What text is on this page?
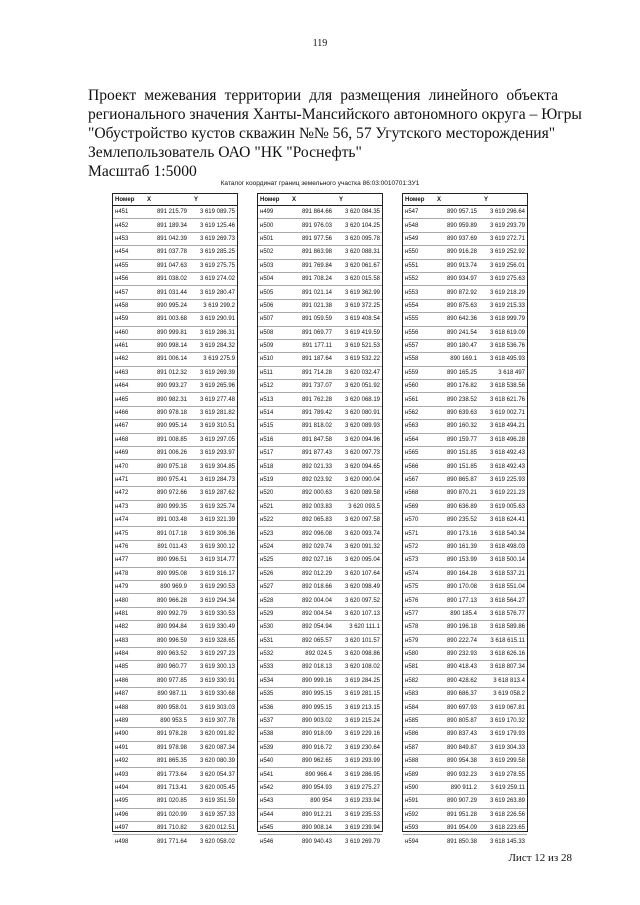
119
Проект межевания территории для размещения линейного объекта
регионального значения Ханты-Мансийского автономного округа – Югры
"Обустройство кустов скважин №№ 56, 57 Угутского месторождения"
Землепользователь ОАО "НК "Роснефть"
Масштаб 1:5000
Каталог координат границ земельного участка 86:03:0010701:ЗУ1
Номер	X	Y
н451	891 215.79	3 619 089.75
н452	891 189.34	3 619 125.46
н453	891 042.39	3 619 269.73
н454	891 037.78	3 619 285.25
н455	891 047.63	3 619 275.75
н456	891 038.02	3 619 274.02
н457	891 031.44	3 619 280.47
н458	890 995.24	3 619 299.2
н459	891 003.68	3 619 290.91
н460	890 999.81	3 619 286.31
н461	890 998.14	3 619 284.32
н462	891 006.14	3 619 275.9
н463	891 012.32	3 619 269.39
н464	890 993.27	3 619 265.96
н465	890 982.31	3 619 277.48
н466	890 978.18	3 619 281.82
н467	890 995.14	3 619 310.51
н468	891 008.85	3 619 297.05
н469	891 006.26	3 619 293.97
н470	890 975.18	3 619 304.85
н471	890 975.41	3 619 284.73
н472	890 972.66	3 619 287.62
н473	890 999.35	3 619 325.74
н474	891 003.48	3 619 321.39
н475	891 017.18	3 619 306.36
н476	891 011.43	3 619 300.12
н477	890 996.51	3 619 314.77
н478	890 995.08	3 619 316.17
н479	890 969.9	3 619 290.53
н480	890 966.28	3 619 294.34
н481	890 992.79	3 619 330.53
н482	890 994.84	3 619 330.49
н483	890 996.59	3 619 328.65
н484	890 963.52	3 619 297.23
н485	890 960.77	3 619 300.13
н486	890 977.85	3 619 330.91
н487	890 987.11	3 619 330.68
н488	890 958.01	3 619 303.03
н489	890 953.5	3 619 307.78
н490	891 978.28	3 620 091.82
н491	891 978.98	3 620 087.34
н492	891 865.35	3 620 080.39
н493	891 773.64	3 620 054.37
н494	891 713.41	3 620 005.45
н495	891 020.85	3 619 351.59
н496	891 020.99	3 619 357.33
н497	891 710.82	3 620 012.51
н498	891 771.64	3 620 058.02
Номер	X	Y
н499	891 864.66	3 620 084.35
н500	891 976.03	3 620 104.25
н501	891 977.56	3 620 095.78
н502	891 863.98	3 620 088.31
н503	891 769.84	3 620 061.67
н504	891 708.24	3 620 015.58
н505	891 021.14	3 619 362.99
н506	891 021.38	3 619 372.25
н507	891 059.59	3 619 408.54
н508	891 069.77	3 619 419.59
н509	891 177.11	3 619 521.53
н510	891 187.64	3 619 532.22
н511	891 714.28	3 620 032.47
н512	891 737.07	3 620 051.92
н513	891 762.28	3 620 068.19
н514	891 789.42	3 620 080.91
н515	891 818.02	3 620 089.93
н516	891 847.58	3 620 094.96
н517	891 877.43	3 620 097.73
н518	892 021.33	3 620 094.65
н519	892 023.92	3 620 090.04
н520	892 000.63	3 620 089.58
н521	892 003.83	3 620 093.5
н522	892 065.83	3 620 097.58
н523	892 096.08	3 620 093.74
н524	892 029.74	3 620 091.32
н525	892 027.16	3 620 095.04
н526	892 012.29	3 620 107.64
н527	892 018.66	3 620 098.49
н528	892 004.04	3 620 097.52
н529	892 004.54	3 620 107.13
н530	892 054.94	3 620 111.1
н531	892 065.57	3 620 101.57
н532	892 024.5	3 620 098.86
н533	892 018.13	3 620 108.02
н534	890 999.16	3 619 284.25
н535	890 995.15	3 619 281.15
н536	890 995.15	3 619 213.15
н537	890 903.02	3 619 215.24
н538	890 918.09	3 619 229.16
н539	890 916.72	3 619 230.64
н540	890 962.65	3 619 293.99
н541	890 966.4	3 619 286.95
н542	890 954.93	3 619 275.27
н543	890 954	3 619 233.94
н544	890 912.21	3 619 235.53
н545	890 908.14	3 619 239.94
н546	890 940.43	3 619 269.79
Номер	X	Y
н547	890 957.15	3 619 296.64
н548	890 959.89	3 619 293.79
н549	890 937.69	3 619 272.71
н550	890 916.28	3 619 252.92
н551	890 913.74	3 619 256.01
н552	890 934.97	3 619 275.63
н553	890 872.92	3 619 218.29
н554	890 875.63	3 619 215.33
н555	890 642.36	3 618 999.79
н556	890 241.54	3 618 619.09
н557	890 180.47	3 618 536.76
н558	890 169.1	3 618 495.93
н559	890 165.25	3 618 497
н560	890 176.82	3 618 538.56
н561	890 238.52	3 618 621.76
н562	890 639.63	3 619 002.71
н563	890 160.32	3 618 494.21
н564	890 159.77	3 618 496.28
н565	890 151.85	3 618 492.43
н566	890 151.85	3 618 492.43
н567	890 865.87	3 619 225.93
н568	890 870.21	3 619 221.23
н569	890 636.89	3 619 005.63
н570	890 235.52	3 618 624.41
н571	890 173.16	3 618 540.34
н572	890 161.39	3 618 498.03
н573	890 153.99	3 618 500.14
н574	890 164.28	3 618 537.21
н575	890 170.08	3 618 551.04
н576	890 177.13	3 618 564.27
н577	890 185.4	3 618 576.77
н578	890 196.18	3 618 589.86
н579	890 222.74	3 618 615.11
н580	890 232.93	3 618 626.16
н581	890 418.43	3 618 807.34
н582	890 428.62	3 618 813.4
н583	890 686.37	3 619 058.2
н584	890 697.93	3 619 067.81
н585	890 805.87	3 619 170.32
н586	890 837.43	3 619 179.93
н587	890 849.87	3 619 304.33
н588	890 954.38	3 619 299.58
н589	890 932.23	3 619 278.55
н590	890 911.2	3 619 259.11
н591	890 907.29	3 619 263.89
н592	891 951.28	3 618 226.56
н593	891 954.09	3 618 223.65
н594	891 850.38	3 618 145.33
Лист 12 из 28
